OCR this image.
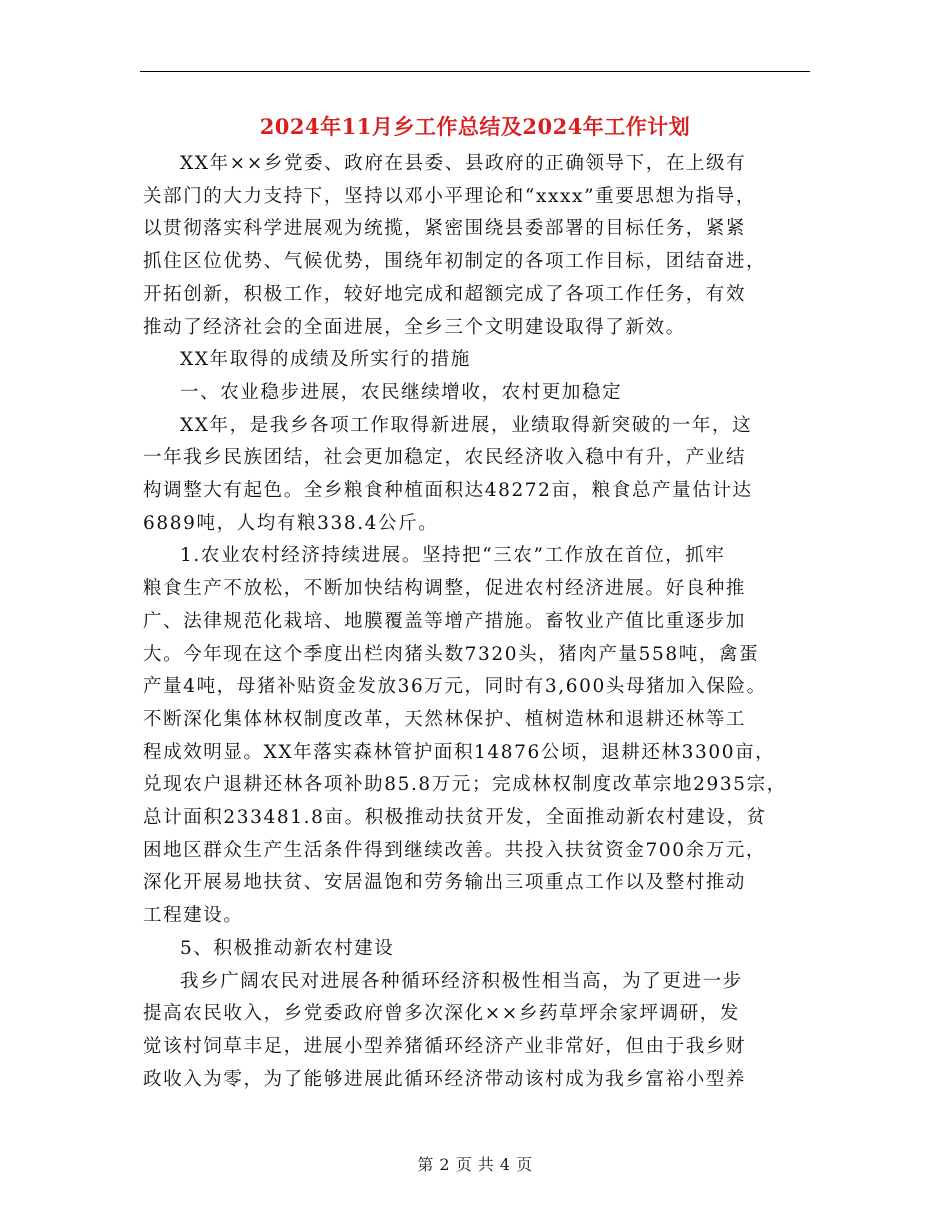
2024年11月乡工作总结及2024年工作计划

XX年××乡党委、政府在县委、县政府的正确领导下，在上级有
关部门的大力支持下，坚持以邓小平理论和“xxxx”重要思想为指导，
以贯彻落实科学进展观为统揽，紧密围绕县委部署的目标任务，紧紧
抓住区位优势、气候优势，围绕年初制定的各项工作目标，团结奋进，
开拓创新，积极工作，较好地完成和超额完成了各项工作任务，有效
推动了经济社会的全面进展，全乡三个文明建设取得了新效。

XX年取得的成绩及所实行的措施

一、农业稳步进展，农民继续增收，农村更加稳定

XX年，是我乡各项工作取得新进展，业绩取得新突破的一年，这
一年我乡民族团结，社会更加稳定，农民经济收入稳中有升，产业结
构调整大有起色。全乡粮食种植面积达48272亩，粮食总产量估计达
6889吨，人均有粮338.4公斤。

1.农业农村经济持续进展。坚持把“三农”工作放在首位，抓牢
粮食生产不放松，不断加快结构调整，促进农村经济进展。好良种推
广、法律规范化栽培、地膜覆盖等增产措施。畜牧业产值比重逐步加
大。今年现在这个季度出栏肉猪头数7320头，猪肉产量558吨，禽蛋
产量4吨，母猪补贴资金发放36万元，同时有3,600头母猪加入保险。
不断深化集体林权制度改革，天然林保护、植树造林和退耕还林等工
程成效明显。XX年落实森林管护面积14876公顷，退耕还林3300亩，
兑现农户退耕还林各项补助85.8万元；完成林权制度改革宗地2935宗，
总计面积233481.8亩。积极推动扶贫开发，全面推动新农村建设，贫
困地区群众生产生活条件得到继续改善。共投入扶贫资金700余万元，
深化开展易地扶贫、安居温饱和劳务输出三项重点工作以及整村推动
工程建设。

5、积极推动新农村建设

我乡广阔农民对进展各种循环经济积极性相当高，为了更进一步
提高农民收入，乡党委政府曾多次深化××乡药草坪余家坪调研，发
觉该村饲草丰足，进展小型养猪循环经济产业非常好，但由于我乡财
政收入为零，为了能够进展此循环经济带动该村成为我乡富裕小型养

第 2 页 共 4 页
